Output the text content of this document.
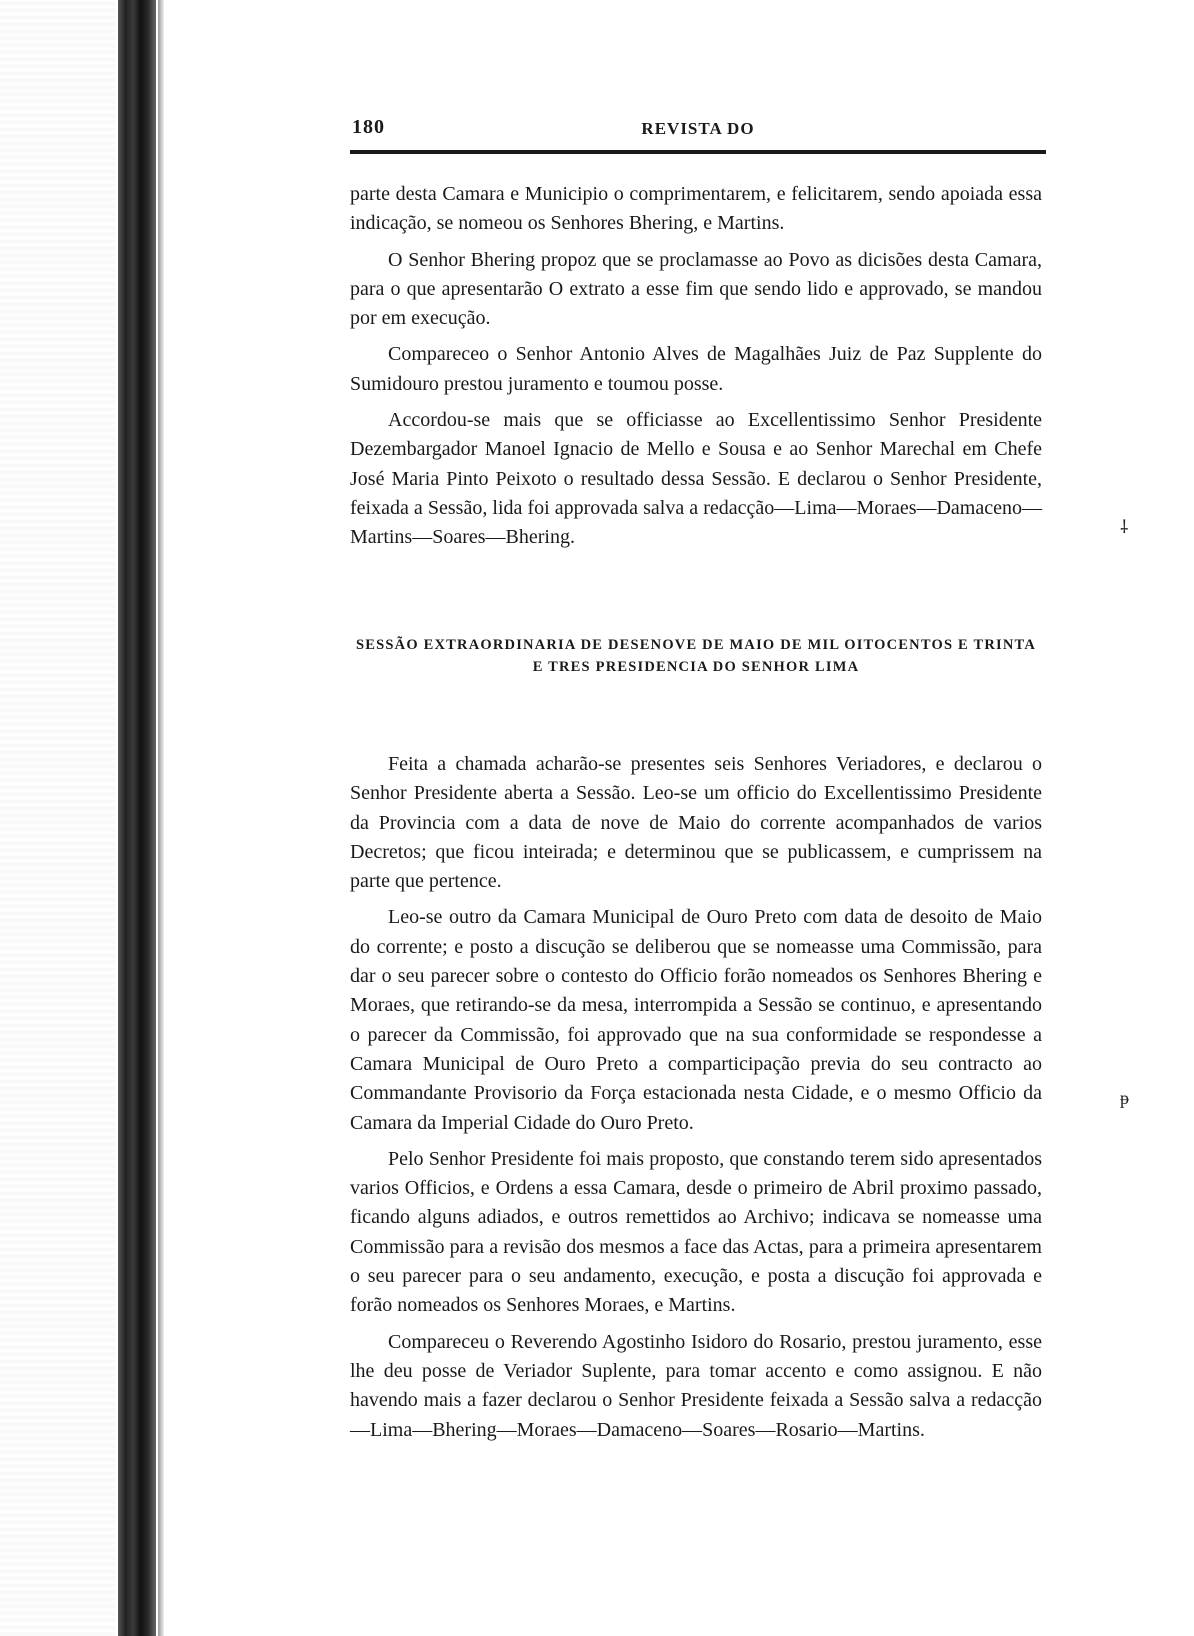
180	REVISTA DO

parte desta Camara e Municipio o comprimentarem, e felicitarem, sendo apoiada essa indicação, se nomeou os Senhores Bhering, e Martins.

O Senhor Bhering propoz que se proclamasse ao Povo as dicisões desta Camara, para o que apresentarão O extrato a esse fim que sendo lido e approvado, se mandou por em execução.

Compareceo o Senhor Antonio Alves de Magalhães Juiz de Paz Supplente do Sumidouro prestou juramento e toumou posse.

Accordou-se mais que se officiasse ao Excellentissimo Senhor Presidente Dezembargador Manoel Ignacio de Mello e Sousa e ao Senhor Marechal em Chefe José Maria Pinto Peixoto o resultado dessa Sessão. E declarou o Senhor Presidente, feixada a Sessão, lida foi approvada salva a redacção—Lima—Moraes—Damaceno—Martins—Soares—Bhering.

SESSÃO EXTRAORDINARIA DE DESENOVE DE MAIO DE MIL OITOCENTOS E TRINTA
E TRES PRESIDENCIA DO SENHOR LIMA

Feita a chamada acharão-se presentes seis Senhores Veriadores, e declarou o Senhor Presidente aberta a Sessão. Leo-se um officio do Excellentissimo Presidente da Provincia com a data de nove de Maio do corrente acompanhados de varios Decretos; que ficou inteirada; e determinou que se publicassem, e cumprissem na parte que pertence.

Leo-se outro da Camara Municipal de Ouro Preto com data de desoito de Maio do corrente; e posto a discução se deliberou que se nomeasse uma Commissão, para dar o seu parecer sobre o contesto do Officio forão nomeados os Senhores Bhering e Moraes, que retirando-se da mesa, interrompida a Sessão se continuo, e apresentando o parecer da Commissão, foi approvado que na sua conformidade se respondesse a Camara Municipal de Ouro Preto a comparticipação previa do seu contracto ao Commandante Provisorio da Força estacionada nesta Cidade, e o mesmo Officio da Camara da Imperial Cidade do Ouro Preto.

Pelo Senhor Presidente foi mais proposto, que constando terem sido apresentados varios Officios, e Ordens a essa Camara, desde o primeiro de Abril proximo passado, ficando alguns adiados, e outros remettidos ao Archivo; indicava se nomeasse uma Commissão para a revisão dos mesmos a face das Actas, para a primeira apresentarem o seu parecer para o seu andamento, execução, e posta a discução foi approvada e forão nomeados os Senhores Moraes, e Martins.

Compareceu o Reverendo Agostinho Isidoro do Rosario, prestou juramento, esse lhe deu posse de Veriador Suplente, para tomar accento e como assignou. E não havendo mais a fazer declarou o Senhor Presidente feixada a Sessão salva a redacção—Lima—Bhering—Moraes—Damaceno—Soares—Rosario—Martins.

⸸
ᵽ
